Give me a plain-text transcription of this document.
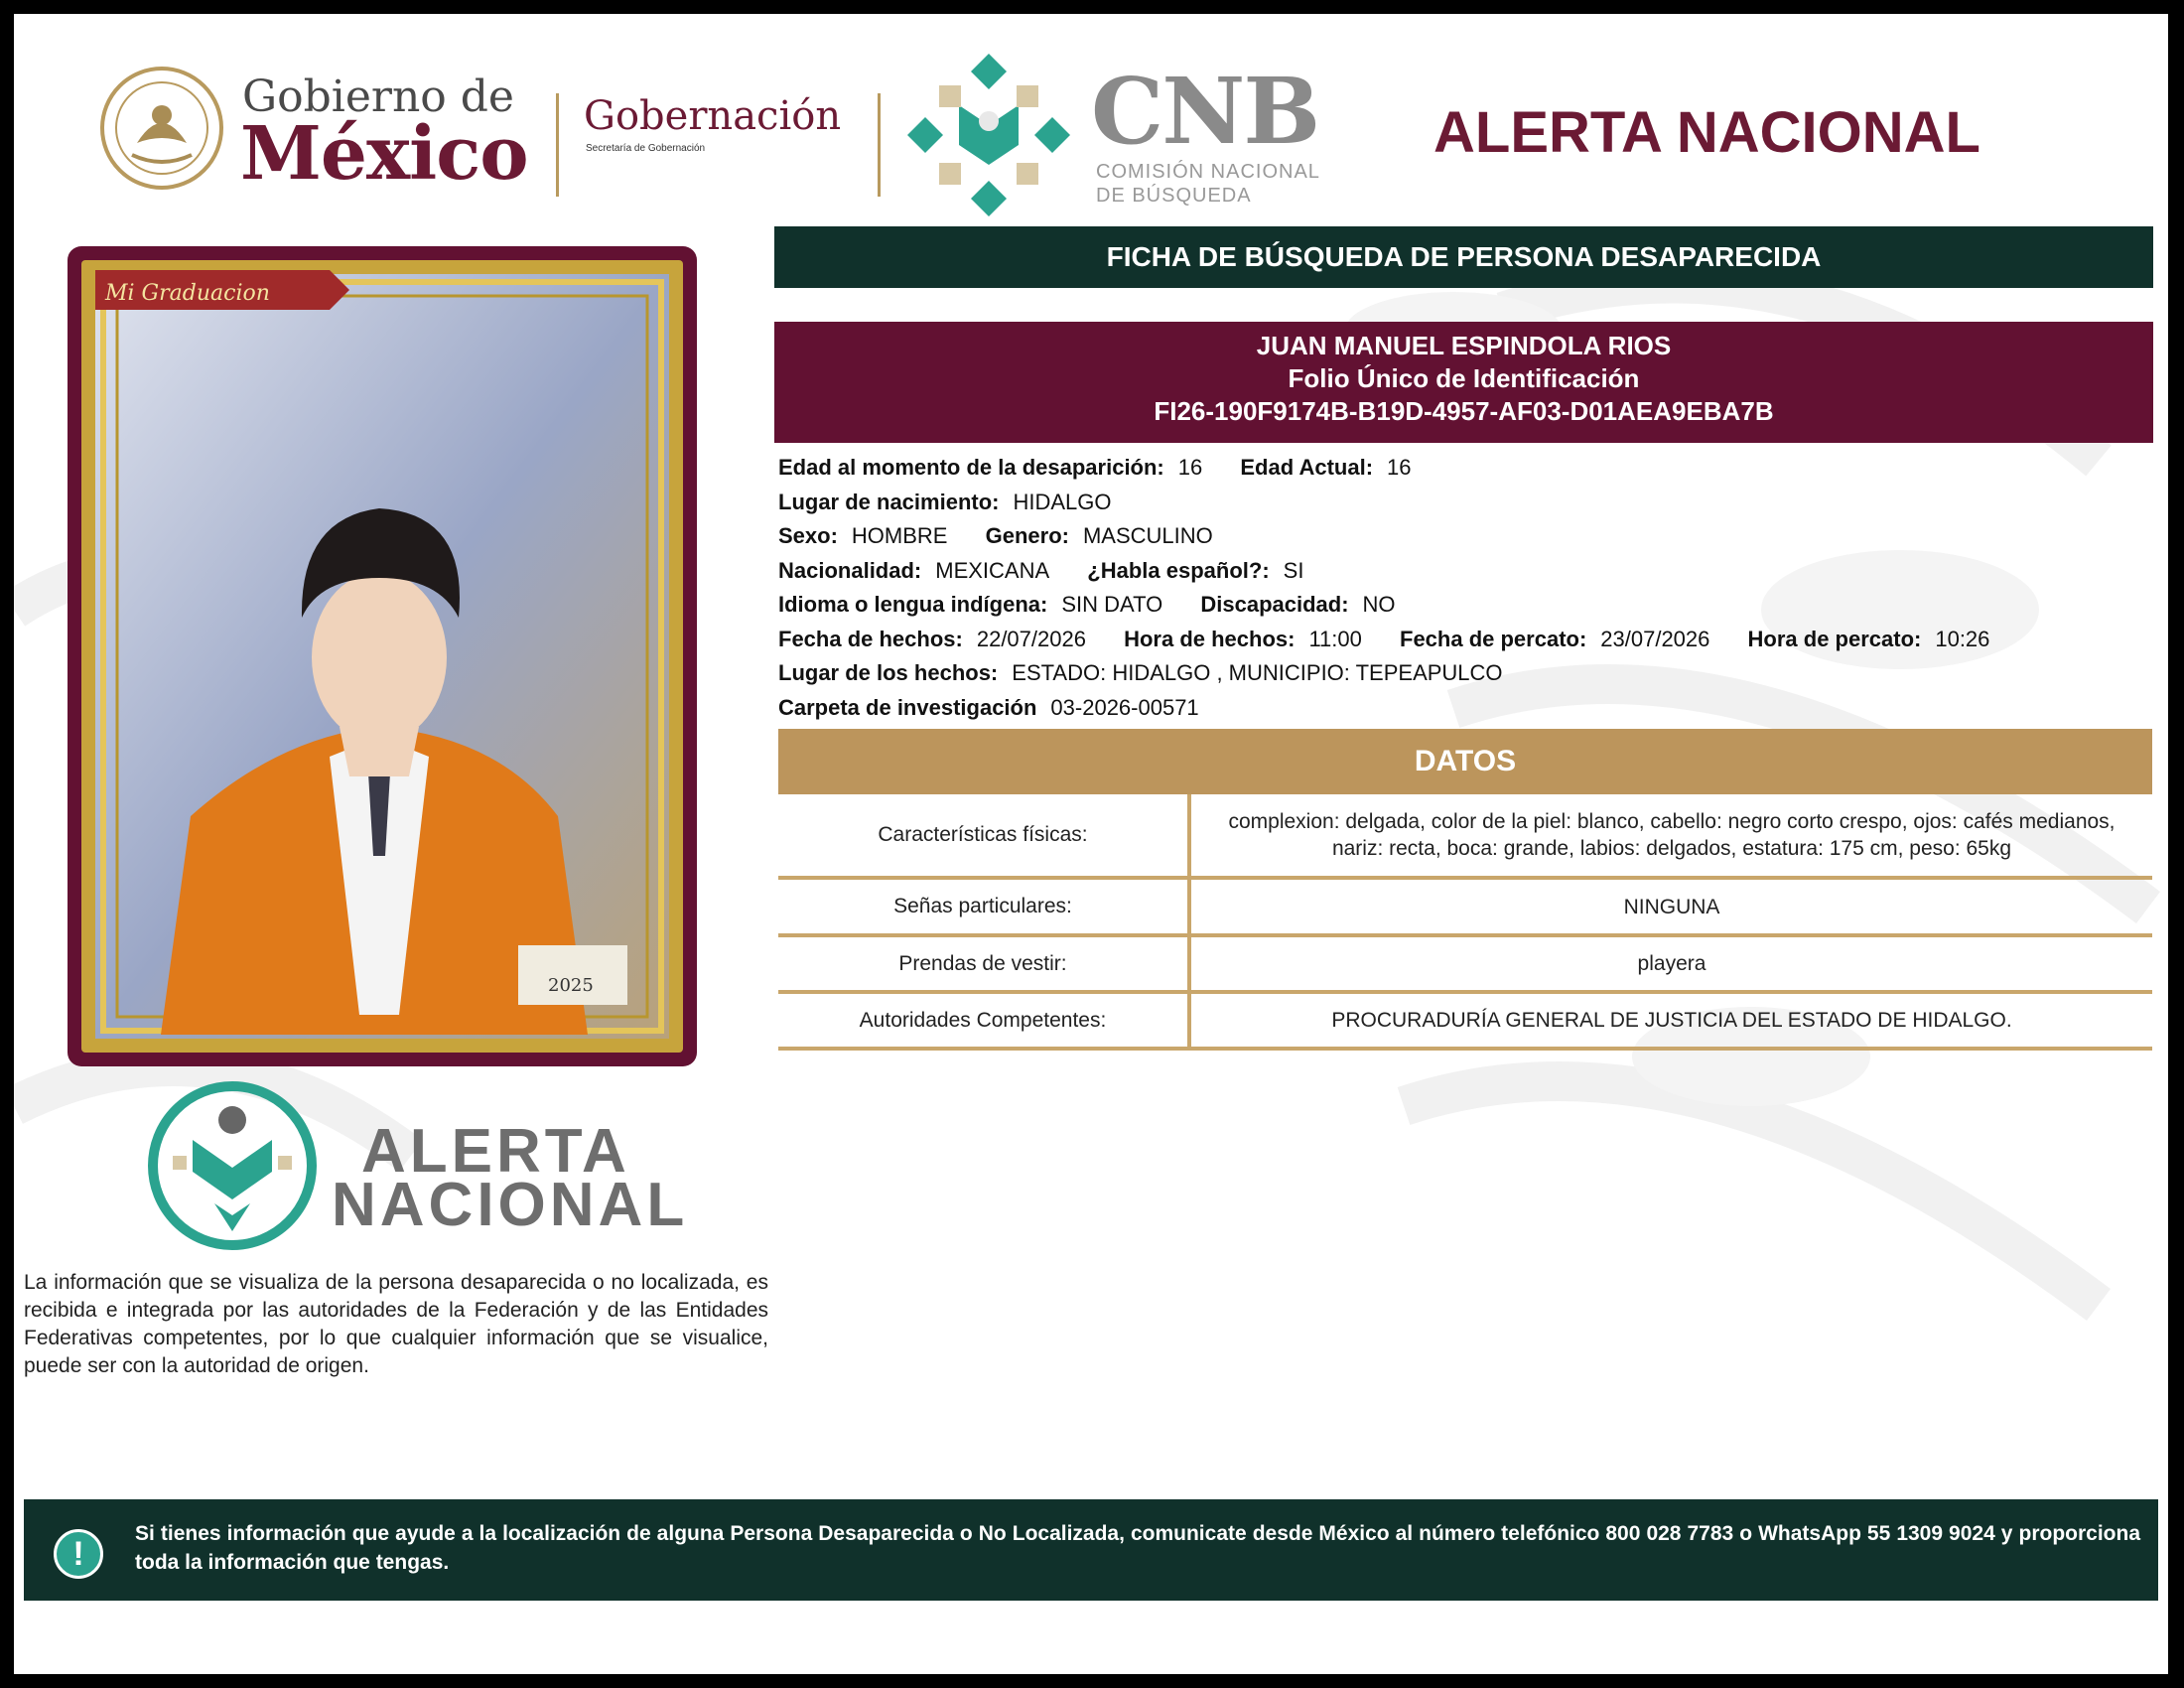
Gobierno de
México Gobernación
Secretaría de Gobernación	CNB
COMISIÓN NACIONAL
DE BÚSQUEDA
ALERTA NACIONAL
FICHA DE BÚSQUEDA DE PERSONA DESAPARECIDA
JUAN MANUEL ESPINDOLA RIOS
Folio Único de Identificación
FI26-190F9174B-B19D-4957-AF03-D01AEA9EBA7B
Mi Graduacion
2025
Edad al momento de la desaparición: 16 Edad Actual: 16
Lugar de nacimiento: HIDALGO
Sexo: HOMBRE Genero: MASCULINO
Nacionalidad: MEXICANA ¿Habla español?: SI
Idioma o lengua indígena: SIN DATO Discapacidad: NO
Fecha de hechos: 22/07/2026 Hora de hechos: 11:00 Fecha de percato: 23/07/2026 Hora de percato: 10:26
Lugar de los hechos: ESTADO: HIDALGO , MUNICIPIO: TEPEAPULCO
Carpeta de investigación 03-2026-00571
DATOS
Características físicas:	complexion: delgada, color de la piel: blanco, cabello: negro corto crespo, ojos: cafés medianos, nariz: recta, boca: grande, labios: delgados, estatura: 175 cm, peso: 65kg
Señas particulares:	NINGUNA
Prendas de vestir:	playera
Autoridades Competentes:	PROCURADURÍA GENERAL DE JUSTICIA DEL ESTADO DE HIDALGO.
ALERTA
NACIONAL
La información que se visualiza de la persona desaparecida o no localizada, es recibida e integrada por las autoridades de la Federación y de las Entidades Federativas competentes, por lo que cualquier información que se visualice, puede ser con la autoridad de origen.
!
Si tienes información que ayude a la localización de alguna Persona Desaparecida o No Localizada, comunicate desde México al número telefónico 800 028 7783 o WhatsApp 55 1309 9024 y proporciona toda la información que tengas.
